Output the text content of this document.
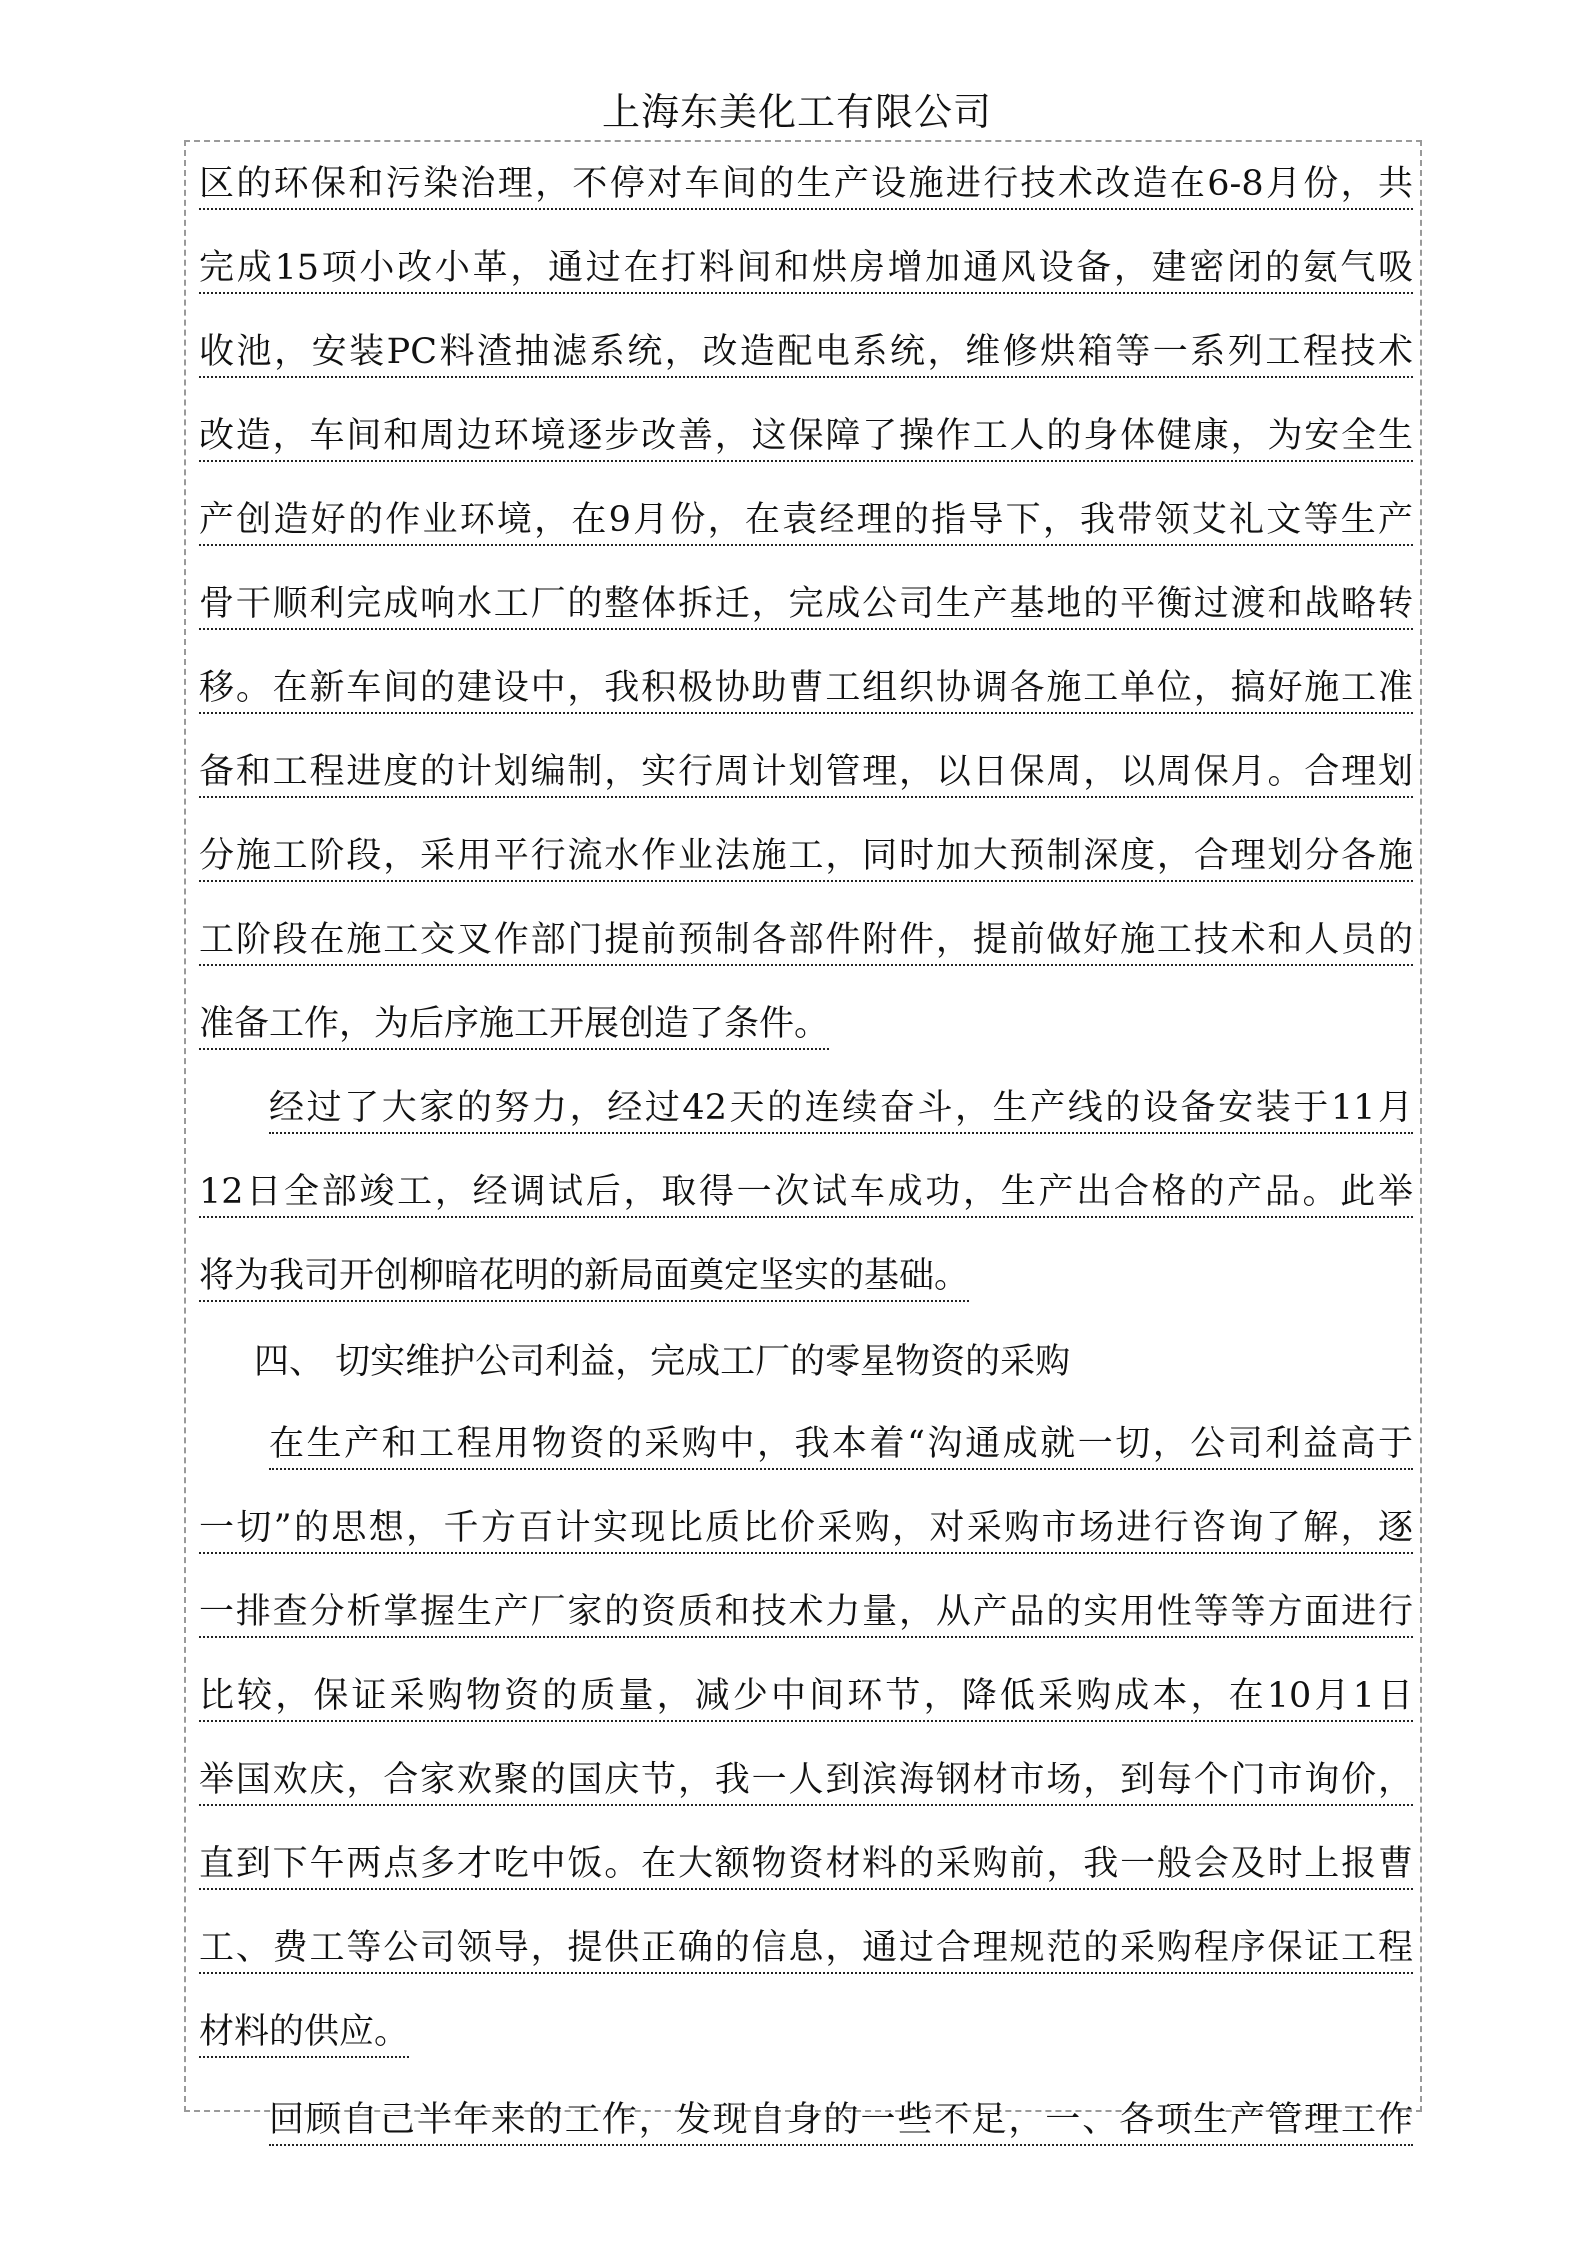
上海东美化工有限公司
区的环保和污染治理，不停对车间的生产设施进行技术改造在6-8月份，共
完成15项小改小革，通过在打料间和烘房增加通风设备，建密闭的氨气吸
收池，安装PC料渣抽滤系统，改造配电系统，维修烘箱等一系列工程技术
改造，车间和周边环境逐步改善，这保障了操作工人的身体健康，为安全生
产创造好的作业环境，在9月份，在袁经理的指导下，我带领艾礼文等生产
骨干顺利完成响水工厂的整体拆迁，完成公司生产基地的平衡过渡和战略转
移。在新车间的建设中，我积极协助曹工组织协调各施工单位，搞好施工准
备和工程进度的计划编制，实行周计划管理，以日保周，以周保月。合理划
分施工阶段，采用平行流水作业法施工，同时加大预制深度，合理划分各施
工阶段在施工交叉作部门提前预制各部件附件，提前做好施工技术和人员的
准备工作，为后序施工开展创造了条件。
经过了大家的努力，经过42天的连续奋斗，生产线的设备安装于11月
12日全部竣工，经调试后，取得一次试车成功，生产出合格的产品。此举
将为我司开创柳暗花明的新局面奠定坚实的基础。
四、 切实维护公司利益，完成工厂的零星物资的采购
在生产和工程用物资的采购中，我本着“沟通成就一切，公司利益高于
一切”的思想，千方百计实现比质比价采购，对采购市场进行咨询了解，逐
一排查分析掌握生产厂家的资质和技术力量，从产品的实用性等等方面进行
比较，保证采购物资的质量，减少中间环节，降低采购成本，在10月1日
举国欢庆，合家欢聚的国庆节，我一人到滨海钢材市场，到每个门市询价，
直到下午两点多才吃中饭。在大额物资材料的采购前，我一般会及时上报曹
工、费工等公司领导，提供正确的信息，通过合理规范的采购程序保证工程
材料的供应。
回顾自己半年来的工作，发现自身的一些不足，一、各项生产管理工作
